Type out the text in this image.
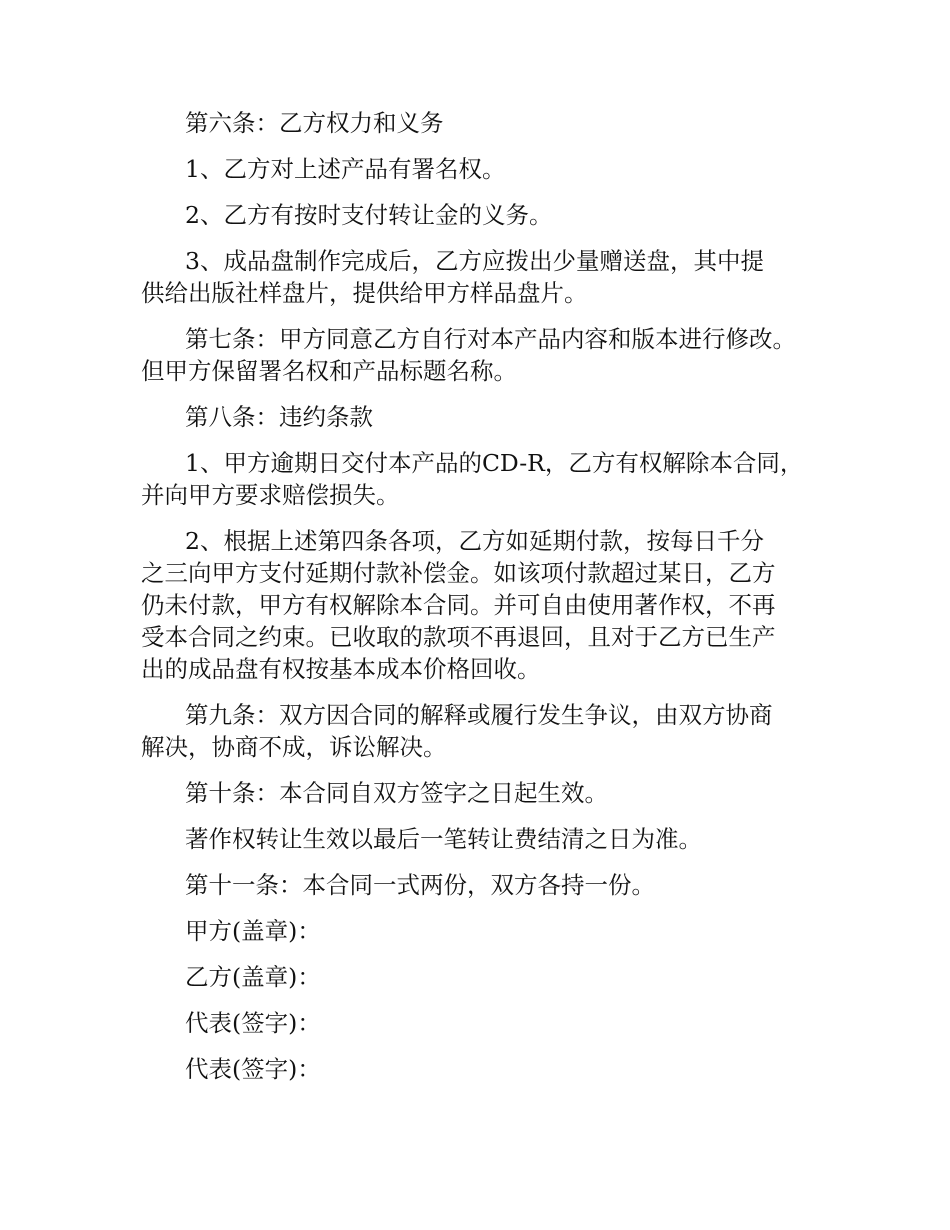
第六条：乙方权力和义务
1、乙方对上述产品有署名权。
2、乙方有按时支付转让金的义务。
3、成品盘制作完成后，乙方应拨出少量赠送盘，其中提
供给出版社样盘片，提供给甲方样品盘片。
第七条：甲方同意乙方自行对本产品内容和版本进行修改。
但甲方保留署名权和产品标题名称。
第八条：违约条款
1、甲方逾期日交付本产品的CD-R，乙方有权解除本合同，
并向甲方要求赔偿损失。
2、根据上述第四条各项，乙方如延期付款，按每日千分
之三向甲方支付延期付款补偿金。如该项付款超过某日，乙方
仍未付款，甲方有权解除本合同。并可自由使用著作权，不再
受本合同之约束。已收取的款项不再退回，且对于乙方已生产
出的成品盘有权按基本成本价格回收。
第九条：双方因合同的解释或履行发生争议，由双方协商
解决，协商不成，诉讼解决。
第十条：本合同自双方签字之日起生效。
著作权转让生效以最后一笔转让费结清之日为准。
第十一条：本合同一式两份，双方各持一份。
甲方(盖章)：
乙方(盖章)：
代表(签字)：
代表(签字)：
